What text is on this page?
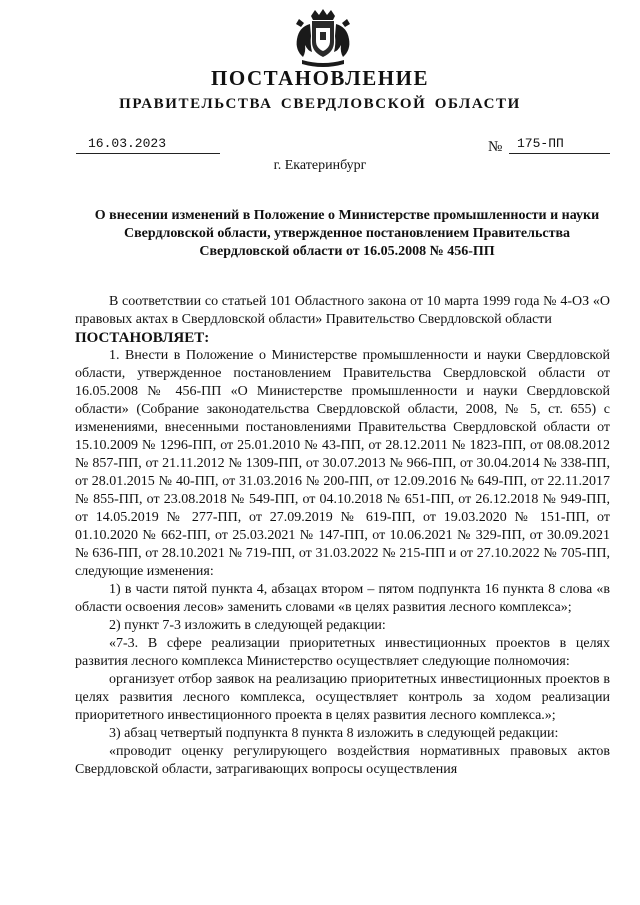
ПОСТАНОВЛЕНИЕ
ПРАВИТЕЛЬСТВА СВЕРДЛОВСКОЙ ОБЛАСТИ
16.03.2023	№ 175-ПП
г. Екатеринбург
О внесении изменений в Положение о Министерстве промышленности и науки Свердловской области, утвержденное постановлением Правительства Свердловской области от 16.05.2008 № 456-ПП

В соответствии со статьей 101 Областного закона от 10 марта 1999 года № 4-ОЗ «О правовых актах в Свердловской области» Правительство Свердловской области

ПОСТАНОВЛЯЕТ:

1. Внести в Положение о Министерстве промышленности и науки Свердловской области, утвержденное постановлением Правительства Свердловской области от 16.05.2008 № 456-ПП «О Министерстве промышленности и науки Свердловской области» (Собрание законодательства Свердловской области, 2008, № 5, ст. 655) с изменениями, внесенными постановлениями Правительства Свердловской области от 15.10.2009 № 1296-ПП, от 25.01.2010 № 43-ПП, от 28.12.2011 № 1823-ПП, от 08.08.2012 № 857-ПП, от 21.11.2012 № 1309-ПП, от 30.07.2013 № 966-ПП, от 30.04.2014 № 338-ПП, от 28.01.2015 № 40-ПП, от 31.03.2016 № 200-ПП, от 12.09.2016 № 649-ПП, от 22.11.2017 № 855-ПП, от 23.08.2018 № 549-ПП, от 04.10.2018 № 651-ПП, от 26.12.2018 № 949-ПП, от 14.05.2019 № 277-ПП, от 27.09.2019 № 619-ПП, от 19.03.2020 № 151-ПП, от 01.10.2020 № 662-ПП, от 25.03.2021 № 147-ПП, от 10.06.2021 № 329-ПП, от 30.09.2021 № 636-ПП, от 28.10.2021 № 719-ПП, от 31.03.2022 № 215-ПП и от 27.10.2022 № 705-ПП, следующие изменения:

1) в части пятой пункта 4, абзацах втором – пятом подпункта 16 пункта 8 слова «в области освоения лесов» заменить словами «в целях развития лесного комплекса»;

2) пункт 7-3 изложить в следующей редакции:

«7-3. В сфере реализации приоритетных инвестиционных проектов в целях развития лесного комплекса Министерство осуществляет следующие полномочия:

организует отбор заявок на реализацию приоритетных инвестиционных проектов в целях развития лесного комплекса, осуществляет контроль за ходом реализации приоритетного инвестиционного проекта в целях развития лесного комплекса.»;

3) абзац четвертый подпункта 8 пункта 8 изложить в следующей редакции:

«проводит оценку регулирующего воздействия нормативных правовых актов Свердловской области, затрагивающих вопросы осуществления
